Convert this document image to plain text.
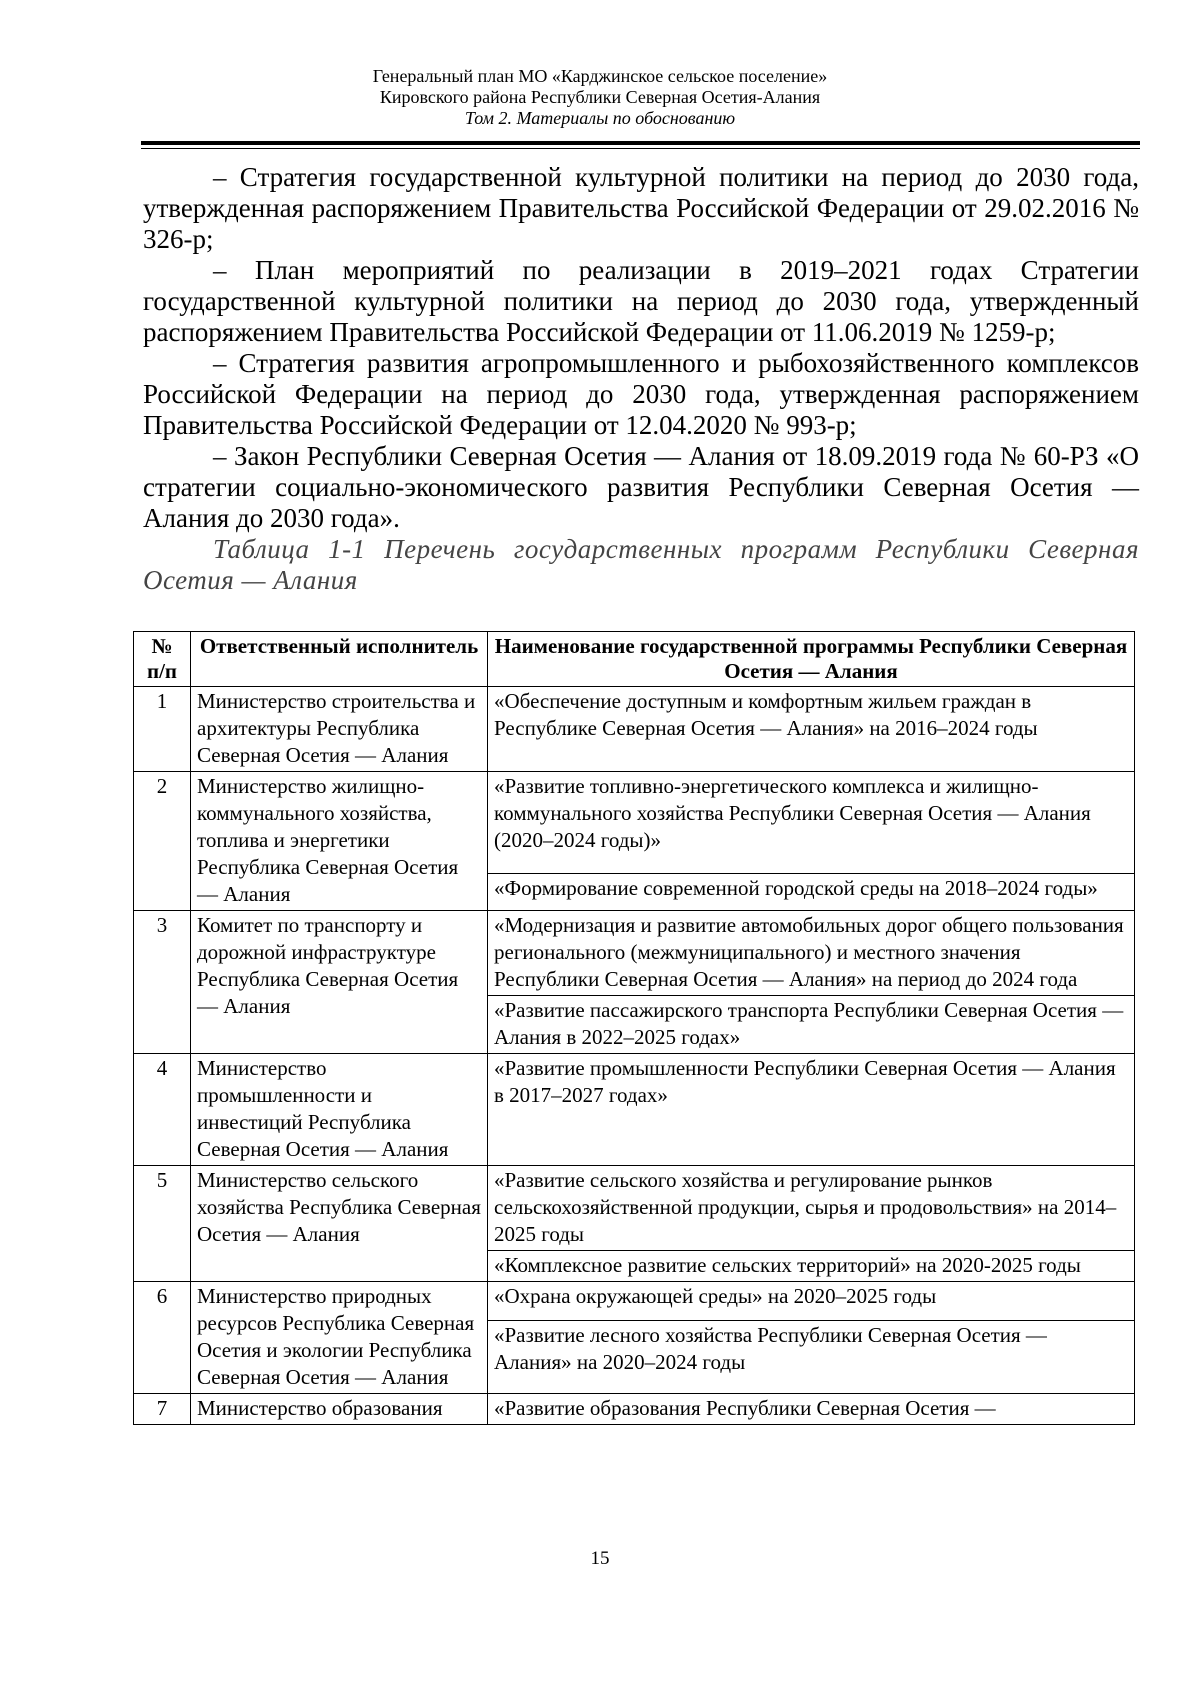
Генеральный план МО «Карджинское сельское поселение»
Кировского района Республики Северная Осетия-Алания
Том 2. Материалы по обоснованию

– Стратегия государственной культурной политики на период до 2030 года, утвержденная распоряжением Правительства Российской Федерации от 29.02.2016 № 326-р;

– План мероприятий по реализации в 2019–2021 годах Стратегии государственной культурной политики на период до 2030 года, утвержденный распоряжением Правительства Российской Федерации от 11.06.2019 № 1259-р;

– Стратегия развития агропромышленного и рыбохозяйственного комплексов Российской Федерации на период до 2030 года, утвержденная распоряжением Правительства Российской Федерации от 12.04.2020 № 993-р;

– Закон Республики Северная Осетия — Алания от 18.09.2019 года № 60-РЗ «О стратегии социально-экономического развития Республики Северная Осетия — Алания до 2030 года».

Таблица 1-1 Перечень государственных программ Республики Северная Осетия — Алания

№ п/п	Ответственный исполнитель	Наименование государственной программы Республики Северная Осетия — Алания
1	Министерство строительства и архитектуры Республика Северная Осетия — Алания	«Обеспечение доступным и комфортным жильем граждан в Республике Северная Осетия — Алания» на 2016–2024 годы
2	Министерство жилищно-коммунального хозяйства, топлива и энергетики Республика Северная Осетия — Алания	«Развитие топливно-энергетического комплекса и жилищно-коммунального хозяйства Республики Северная Осетия — Алания (2020–2024 годы)»
		«Формирование современной городской среды на 2018–2024 годы»
3	Комитет по транспорту и дорожной инфраструктуре Республика Северная Осетия — Алания	«Модернизация и развитие автомобильных дорог общего пользования регионального (межмуниципального) и местного значения Республики Северная Осетия — Алания» на период до 2024 года
		«Развитие пассажирского транспорта Республики Северная Осетия — Алания в 2022–2025 годах»
4	Министерство промышленности и инвестиций Республика Северная Осетия — Алания	«Развитие промышленности Республики Северная Осетия — Алания в 2017–2027 годах»
5	Министерство сельского хозяйства Республика Северная Осетия — Алания	«Развитие сельского хозяйства и регулирование рынков сельскохозяйственной продукции, сырья и продовольствия» на 2014–2025 годы
		«Комплексное развитие сельских территорий» на 2020-2025 годы
6	Министерство природных ресурсов Республика Северная Осетия и экологии Республика Северная Осетия — Алания	«Охрана окружающей среды» на 2020–2025 годы
		«Развитие лесного хозяйства Республики Северная Осетия — Алания» на 2020–2024 годы
7	Министерство образования	«Развитие образования Республики Северная Осетия —
15
